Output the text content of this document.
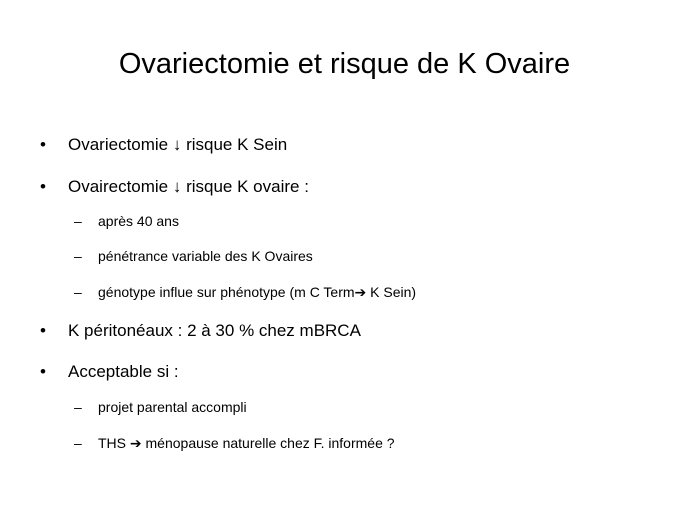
Ovariectomie et risque de K Ovaire
•	Ovariectomie ↓ risque K Sein
•	Ovairectomie ↓ risque K ovaire :
–	après 40 ans
–	pénétrance variable des K Ovaires
–	génotype influe sur phénotype (m C Term➔ K Sein)
•	K péritonéaux : 2 à 30 % chez mBRCA
•	Acceptable si :
–	projet parental accompli
–	THS ➔ ménopause naturelle chez F. informée ?
